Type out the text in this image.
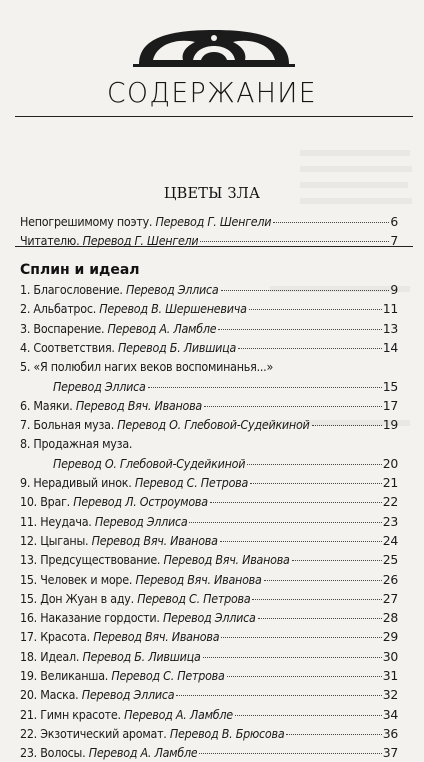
СОДЕРЖАНИЕ
ЦВЕТЫ ЗЛА
Непогрешимому поэту. Перевод Г. Шенгели	6
Читателю. Перевод Г. Шенгели	7
Сплин и идеал
1. Благословение. Перевод Эллиса	9
2. Альбатрос. Перевод В. Шершеневича	11
3. Воспарение. Перевод А. Ламбле	13
4. Соответствия. Перевод Б. Лившица	14
5. «Я полюбил нагих веков воспоминанья...»
Перевод Эллиса	15
6. Маяки. Перевод Вяч. Иванова	17
7. Больная муза. Перевод О. Глебовой-Судейкиной	19
8. Продажная муза.
Перевод О. Глебовой-Судейкиной	20
9. Нерадивый инок. Перевод С. Петрова	21
10. Враг. Перевод Л. Остроумова	22
11. Неудача. Перевод Эллиса	23
12. Цыганы. Перевод Вяч. Иванова	24
13. Предсуществование. Перевод Вяч. Иванова	25
15. Человек и море. Перевод Вяч. Иванова	26
15. Дон Жуан в аду. Перевод С. Петрова	27
16. Наказание гордости. Перевод Эллиса	28
17. Красота. Перевод Вяч. Иванова	29
18. Идеал. Перевод Б. Лившица	30
19. Великанша. Перевод С. Петрова	31
20. Маска. Перевод Эллиса	32
21. Гимн красоте. Перевод А. Ламбле	34
22. Экзотический аромат. Перевод В. Брюсова	36
23. Волосы. Перевод А. Ламбле	37
